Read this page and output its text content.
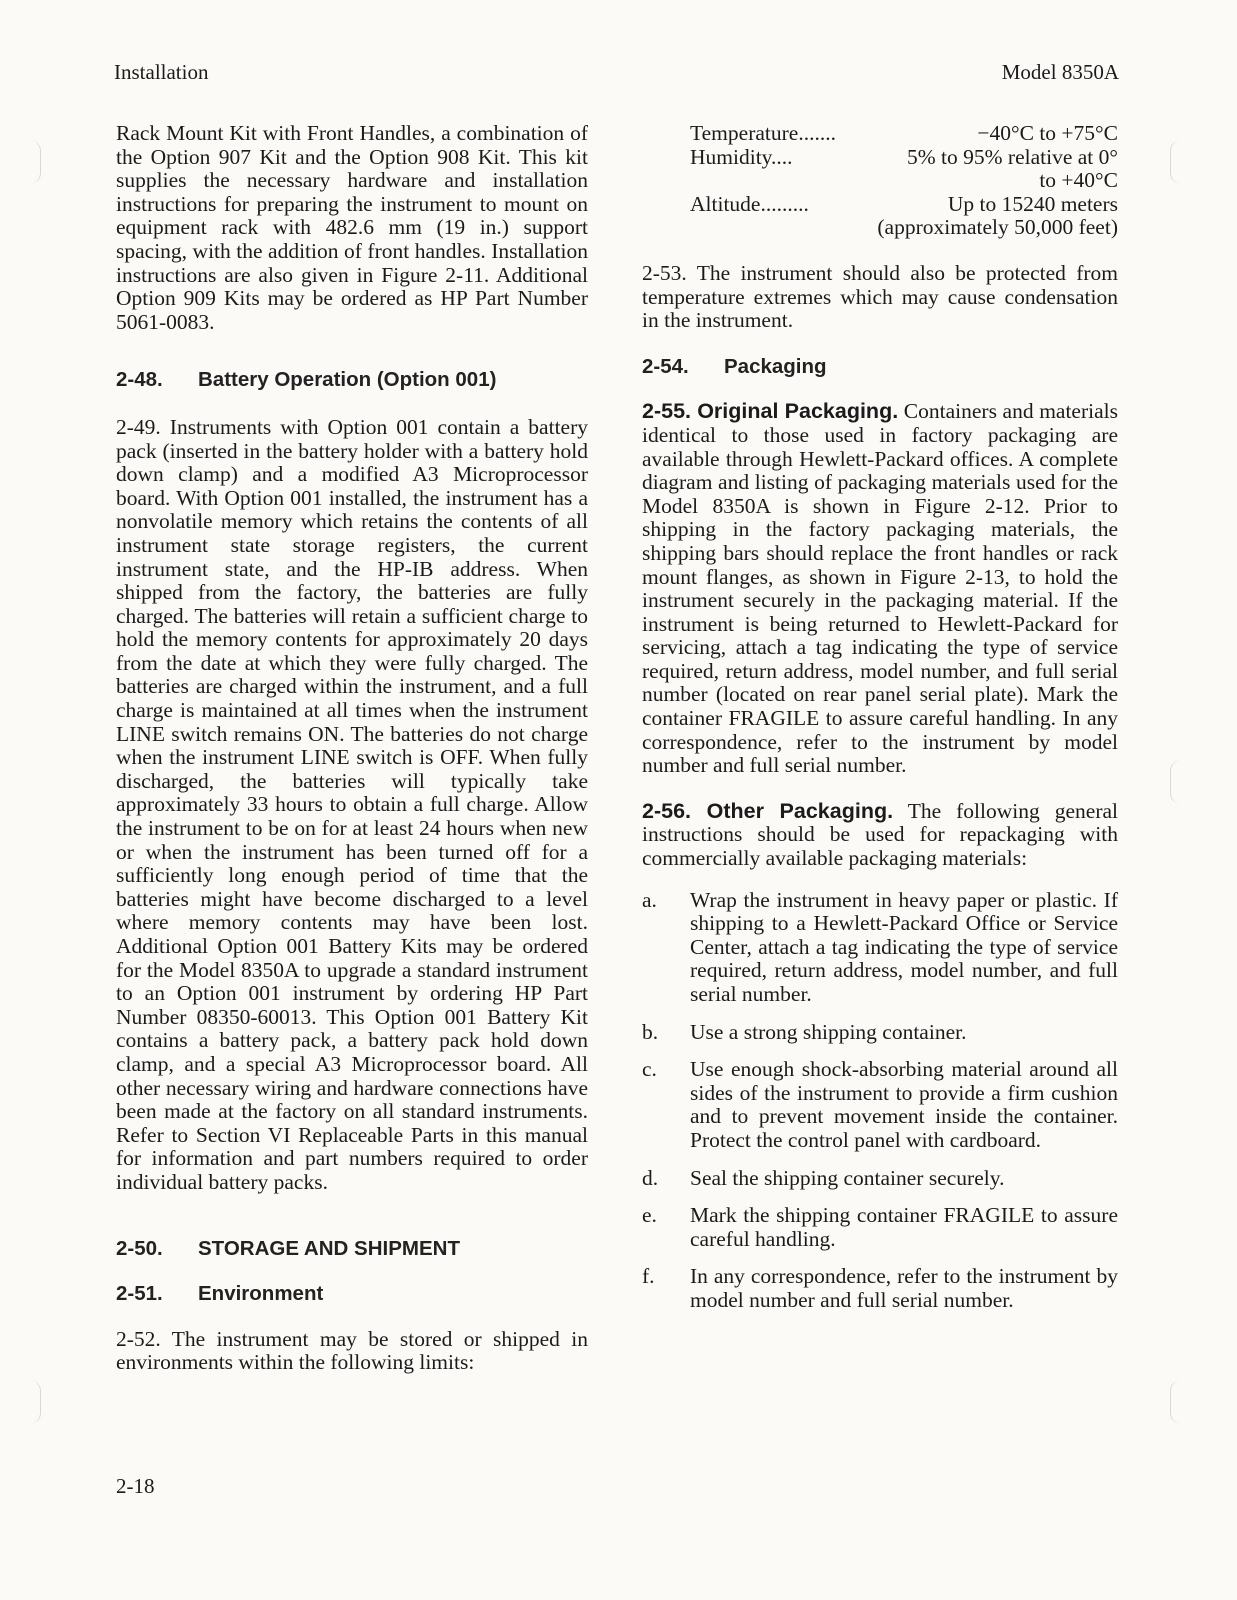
Installation	Model 8350A

Rack Mount Kit with Front Handles, a combination of the Option 907 Kit and the Option 908 Kit. This kit supplies the necessary hardware and installation instructions for preparing the instrument to mount on equipment rack with 482.6 mm (19 in.) support spacing, with the addition of front handles. Installation instructions are also given in Figure 2-11. Additional Option 909 Kits may be ordered as HP Part Number 5061-0083.

2-48. Battery Operation (Option 001)

2-49. Instruments with Option 001 contain a battery pack (inserted in the battery holder with a battery hold down clamp) and a modified A3 Microprocessor board. With Option 001 installed, the instrument has a nonvolatile memory which retains the contents of all instrument state storage registers, the current instrument state, and the HP-IB address. When shipped from the factory, the batteries are fully charged. The batteries will retain a sufficient charge to hold the memory contents for approximately 20 days from the date at which they were fully charged. The batteries are charged within the instrument, and a full charge is maintained at all times when the instrument LINE switch remains ON. The batteries do not charge when the instrument LINE switch is OFF. When fully discharged, the batteries will typically take approximately 33 hours to obtain a full charge. Allow the instrument to be on for at least 24 hours when new or when the instrument has been turned off for a sufficiently long enough period of time that the batteries might have become discharged to a level where memory contents may have been lost. Additional Option 001 Battery Kits may be ordered for the Model 8350A to upgrade a standard instrument to an Option 001 instrument by ordering HP Part Number 08350-60013. This Option 001 Battery Kit contains a battery pack, a battery pack hold down clamp, and a special A3 Microprocessor board. All other necessary wiring and hardware connections have been made at the factory on all standard instruments. Refer to Section VI Replaceable Parts in this manual for information and part numbers required to order individual battery packs.

2-50. STORAGE AND SHIPMENT
2-51. Environment

2-52. The instrument may be stored or shipped in environments within the following limits:

Temperature.......	−40°C to +75°C
Humidity....	5% to 95% relative at 0°
to +40°C
Altitude.........	Up to 15240 meters
(approximately 50,000 feet)

2-53. The instrument should also be protected from temperature extremes which may cause condensation in the instrument.

2-54. Packaging

2-55. Original Packaging. Containers and materials identical to those used in factory packaging are available through Hewlett-Packard offices. A complete diagram and listing of packaging materials used for the Model 8350A is shown in Figure 2-12. Prior to shipping in the factory packaging materials, the shipping bars should replace the front handles or rack mount flanges, as shown in Figure 2-13, to hold the instrument securely in the packaging material. If the instrument is being returned to Hewlett-Packard for servicing, attach a tag indicating the type of service required, return address, model number, and full serial number (located on rear panel serial plate). Mark the container FRAGILE to assure careful handling. In any correspondence, refer to the instrument by model number and full serial number.

2-56. Other Packaging. The following general instructions should be used for repackaging with commercially available packaging materials:

a.	Wrap the instrument in heavy paper or plastic. If shipping to a Hewlett-Packard Office or Service Center, attach a tag indicating the type of service required, return address, model number, and full serial number.
b.	Use a strong shipping container.
c.	Use enough shock-absorbing material around all sides of the instrument to provide a firm cushion and to prevent movement inside the container. Protect the control panel with cardboard.
d.	Seal the shipping container securely.
e.	Mark the shipping container FRAGILE to assure careful handling.
f.	In any correspondence, refer to the instrument by model number and full serial number.
2-18
